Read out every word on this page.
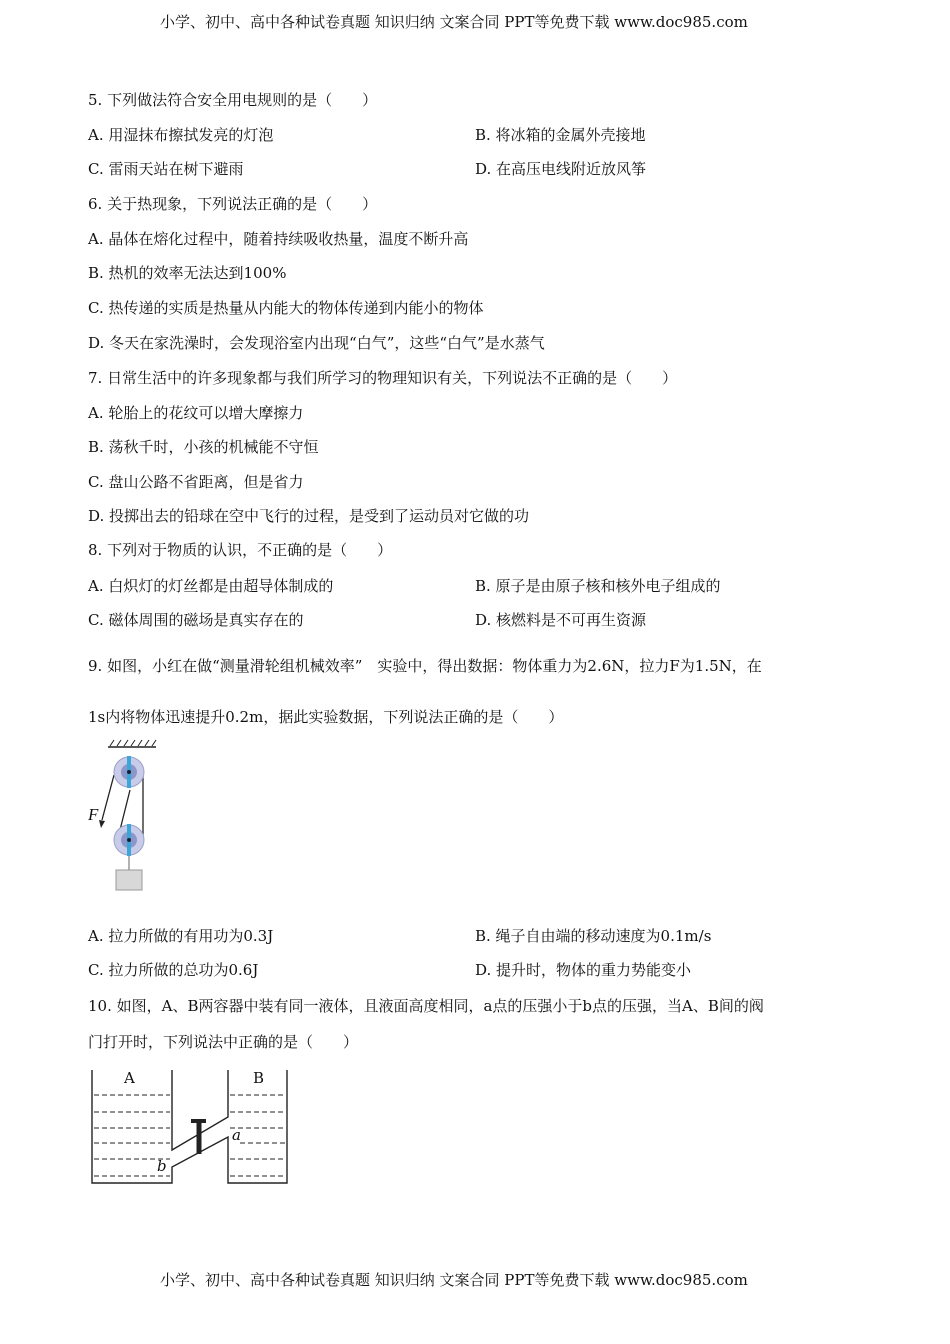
小学、初中、高中各种试卷真题 知识归纳 文案合同 PPT等免费下载 www.doc985.com
5. 下列做法符合安全用电规则的是（　　）
A. 用湿抹布擦拭发亮的灯泡	B. 将冰箱的金属外壳接地
C. 雷雨天站在树下避雨	D. 在高压电线附近放风筝
6. 关于热现象，下列说法正确的是（　　）
A. 晶体在熔化过程中，随着持续吸收热量，温度不断升高
B. 热机的效率无法达到100%
C. 热传递的实质是热量从内能大的物体传递到内能小的物体
D. 冬天在家洗澡时，会发现浴室内出现“白气”，这些“白气”是水蒸气
7. 日常生活中的许多现象都与我们所学习的物理知识有关，下列说法不正确的是（　　）
A. 轮胎上的花纹可以增大摩擦力
B. 荡秋千时，小孩的机械能不守恒
C. 盘山公路不省距离，但是省力
D. 投掷出去的铅球在空中飞行的过程，是受到了运动员对它做的功
8. 下列对于物质的认识，不正确的是（　　）
A. 白炽灯的灯丝都是由超导体制成的	B. 原子是由原子核和核外电子组成的
C. 磁体周围的磁场是真实存在的	D. 核燃料是不可再生资源
9. 如图，小红在做“测量滑轮组机械效率”　实验中，得出数据：物体重力为2.6N，拉力F为1.5N，在
1s内将物体迅速提升0.2m，据此实验数据，下列说法正确的是（　　）
F
A	B
a
b
A. 拉力所做的有用功为0.3J	B. 绳子自由端的移动速度为0.1m/s
C. 拉力所做的总功为0.6J	D. 提升时，物体的重力势能变小
10. 如图，A、B两容器中装有同一液体，且液面高度相同，a点的压强小于b点的压强，当A、B间的阀
门打开时，下列说法中正确的是（　　）
小学、初中、高中各种试卷真题 知识归纳 文案合同 PPT等免费下载 www.doc985.com
